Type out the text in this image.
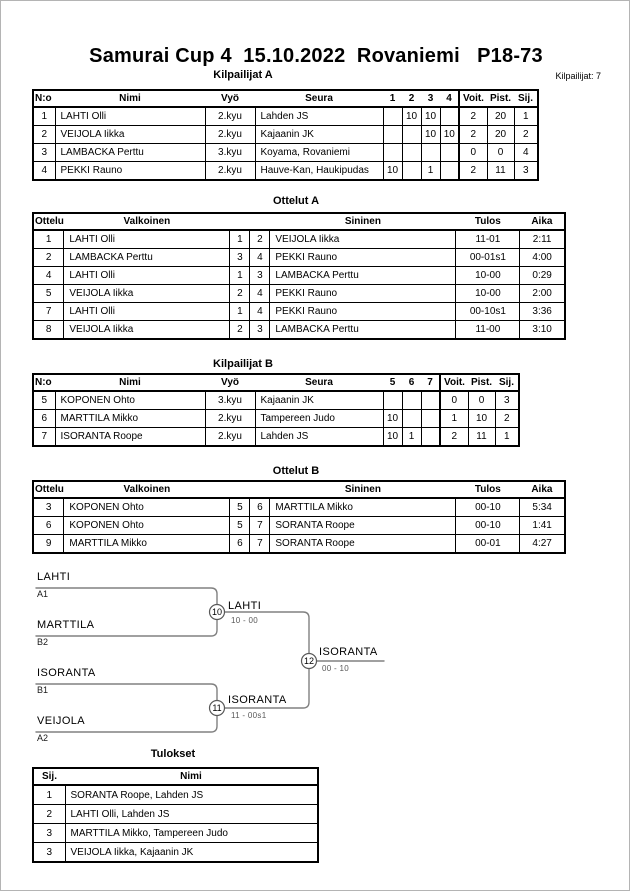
Samurai Cup 4  15.10.2022  Rovaniemi   P18-73
Kilpailijat A	Kilpailijat: 7
N:o	Nimi	Vyö	Seura	1	2	3	4	Voit.	Pist.	Sij.
1	LAHTI Olli	2.kyu	Lahden JS		10	10		2	20	1
2	VEIJOLA Iikka	2.kyu	Kajaanin JK			10	10	2	20	2
3	LAMBACKA Perttu	3.kyu	Koyama, Rovaniemi					0	0	4
4	PEKKI Rauno	2.kyu	Hauve-Kan, Haukipudas	10		1		2	11	3
Ottelut A
Ottelu	Valkoinen			Sininen	Tulos	Aika
1	LAHTI Olli	1	2	VEIJOLA Iikka	11-01	2:11
2	LAMBACKA Perttu	3	4	PEKKI Rauno	00-01s1	4:00
4	LAHTI Olli	1	3	LAMBACKA Perttu	10-00	0:29
5	VEIJOLA Iikka	2	4	PEKKI Rauno	10-00	2:00
7	LAHTI Olli	1	4	PEKKI Rauno	00-10s1	3:36
8	VEIJOLA Iikka	2	3	LAMBACKA Perttu	11-00	3:10
Kilpailijat B
N:o	Nimi	Vyö	Seura	5	6	7	Voit.	Pist.	Sij.
5	KOPONEN Ohto	3.kyu	Kajaanin JK				0	0	3
6	MARTTILA Mikko	2.kyu	Tampereen Judo	10			1	10	2
7	ISORANTA Roope	2.kyu	Lahden JS	10	1		2	11	1
Ottelut B
Ottelu	Valkoinen			Sininen	Tulos	Aika
3	KOPONEN Ohto	5	6	MARTTILA Mikko	00-10	5:34
6	KOPONEN Ohto	5	7	SORANTA Roope	00-10	1:41
9	MARTTILA Mikko	6	7	SORANTA Roope	00-01	4:27
10
11
12
LAHTI
A1
MARTTILA
B2
ISORANTA
B1
VEIJOLA
A2
LAHTI
10 - 00
ISORANTA
11 - 00s1
ISORANTA
00 - 10
Tulokset
Sij.	Nimi
1	SORANTA Roope, Lahden JS
2	LAHTI Olli, Lahden JS
3	MARTTILA Mikko, Tampereen Judo
3	VEIJOLA Iikka, Kajaanin JK
